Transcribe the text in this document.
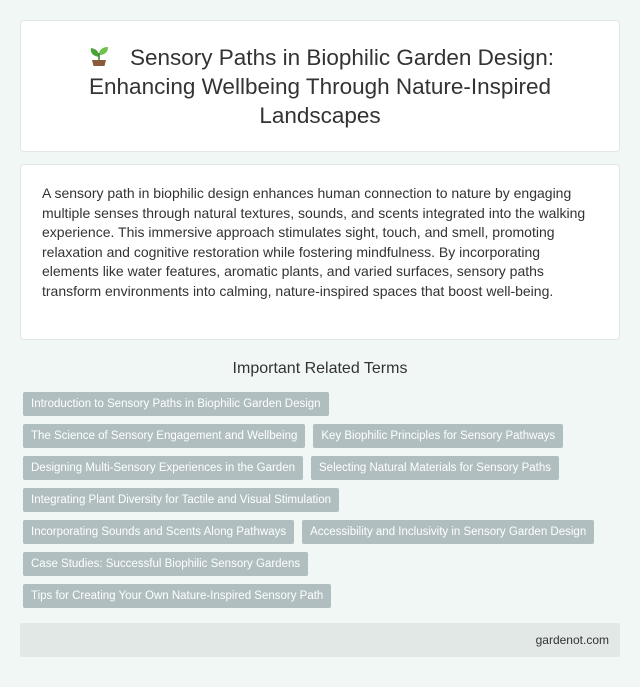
Sensory Paths in Biophilic Garden Design: Enhancing Wellbeing Through Nature-Inspired Landscapes

A sensory path in biophilic design enhances human connection to nature by engaging multiple senses through natural textures, sounds, and scents integrated into the walking experience. This immersive approach stimulates sight, touch, and smell, promoting relaxation and cognitive restoration while fostering mindfulness. By incorporating elements like water features, aromatic plants, and varied surfaces, sensory paths transform environments into calming, nature-inspired spaces that boost well-being.

Important Related Terms
Introduction to Sensory Paths in Biophilic Garden Design
The Science of Sensory Engagement and Wellbeing	Key Biophilic Principles for Sensory Pathways
Designing Multi-Sensory Experiences in the Garden	Selecting Natural Materials for Sensory Paths
Integrating Plant Diversity for Tactile and Visual Stimulation
Incorporating Sounds and Scents Along Pathways	Accessibility and Inclusivity in Sensory Garden Design
Case Studies: Successful Biophilic Sensory Gardens
Tips for Creating Your Own Nature-Inspired Sensory Path
gardenot.com
